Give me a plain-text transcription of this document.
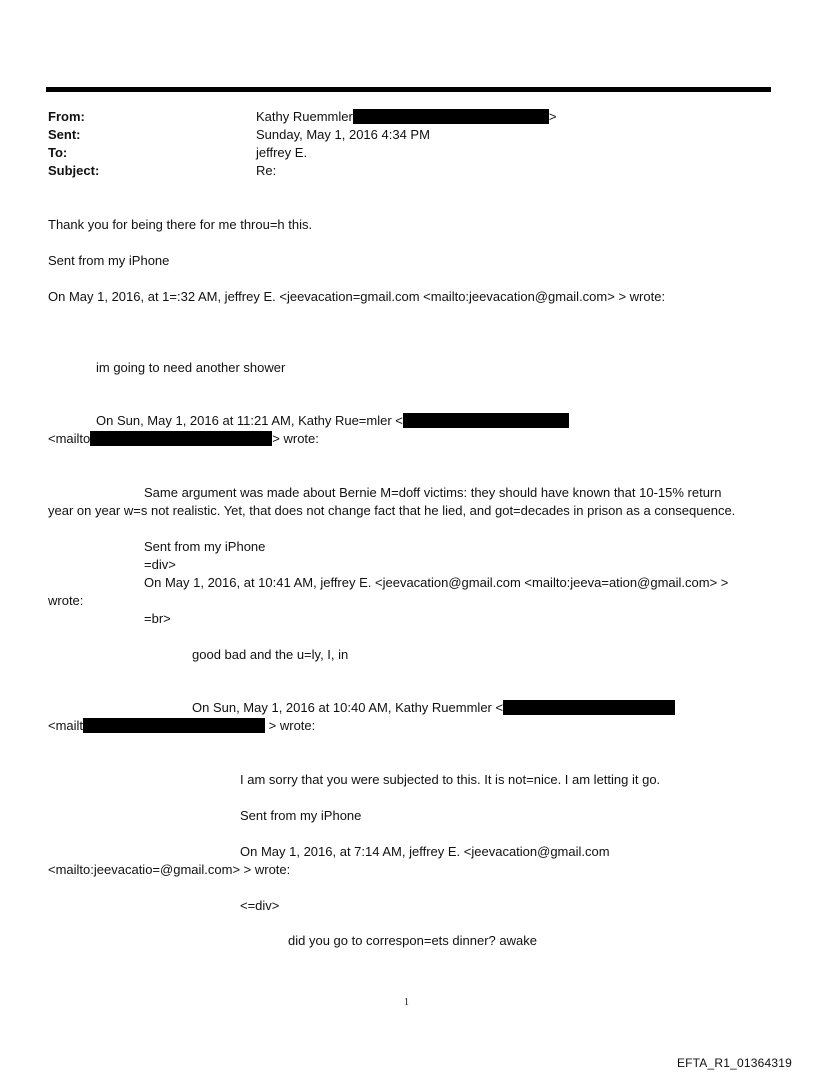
From:	Kathy Ruemmler	>
Sent:	Sunday, May 1, 2016 4:34 PM
To:	jeffrey E.
Subject:	Re:
Thank you for being there for me throu=h this.
Sent from my iPhone
On May 1, 2016, at 1=:32 AM, jeffrey E. <jeevacation=gmail.com <mailto:jeevacation@gmail.com> > wrote:
im going to need another shower
On Sun, May 1, 2016 at 11:21 AM, Kathy Rue=mler <
<mailto	> wrote:
Same argument was made about Bernie M=doff victims: they should have known that 10-15% return
year on year w=s not realistic. Yet, that does not change fact that he lied, and got=decades in prison as a consequence.
Sent from my iPhone
=div>
On May 1, 2016, at 10:41 AM, jeffrey E. <jeevacation@gmail.com <mailto:jeeva=ation@gmail.com> >
wrote:
=br>
good bad and the u=ly, I, in
On Sun, May 1, 2016 at 10:40 AM, Kathy Ruemmler <
<mailt	> wrote:
I am sorry that you were subjected to this. It is not=nice. I am letting it go.
Sent from my iPhone
On May 1, 2016, at 7:14 AM, jeffrey E. <jeevacation@gmail.com
<mailto:jeevacatio=@gmail.com> > wrote:
<=div>
did you go to correspon=ets dinner? awake
1
EFTA_R1_01364319
